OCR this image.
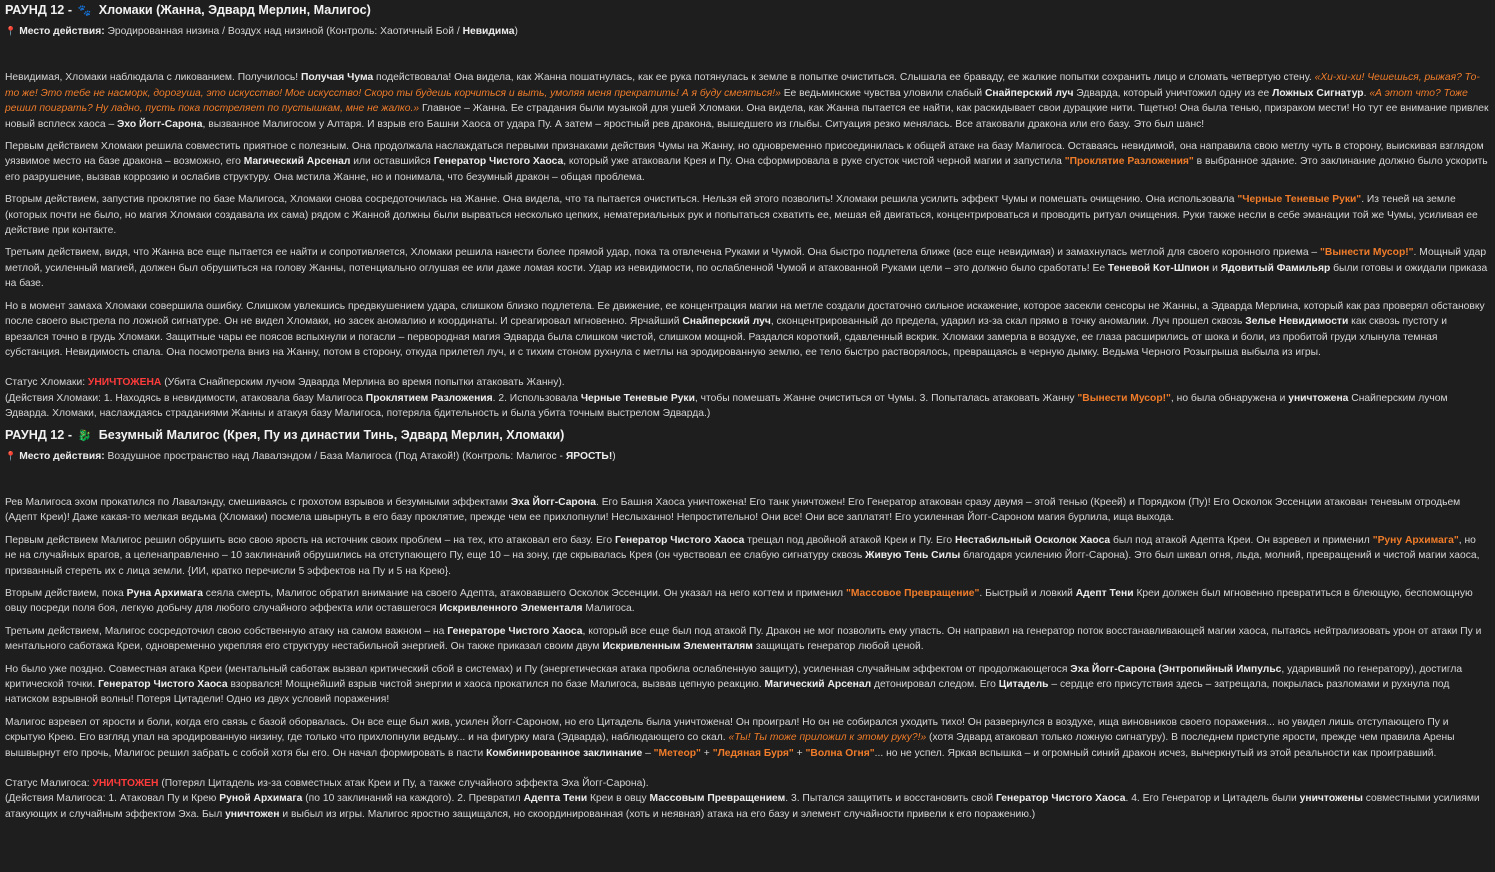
РАУНД 12 - 🐾 Хломаки (Жанна, Эдвард Мерлин, Малигос)
📍 Место действия: Эродированная низина / Воздух над низиной (Контроль: Хаотичный Бой / Невидима)

Невидимая, Хломаки наблюдала с ликованием. Получилось! Получая Чума подействовала! Она видела, как Жанна пошатнулась, как ее рука потянулась к земле в попытке очиститься. Слышала ее браваду, ее жалкие попытки сохранить лицо и сломать четвертую стену. «Хи-хи-хи! Чешешься, рыжая? То-то же! Это тебе не насморк, дорогуша, это искусство! Мое искусство! Скоро ты будешь корчиться и выть, умоляя меня прекратить! А я буду смеяться!» Ее ведьминские чувства уловили слабый Снайперский луч Эдварда, который уничтожил одну из ее Ложных Сигнатур. «А этот что? Тоже решил поиграть? Ну ладно, пусть пока постреляет по пустышкам, мне не жалко.» Главное – Жанна. Ее страдания были музыкой для ушей Хломаки. Она видела, как Жанна пытается ее найти, как раскидывает свои дурацкие нити. Тщетно! Она была тенью, призраком мести! Но тут ее внимание привлек новый всплеск хаоса – Эхо Йогг-Сарона, вызванное Малигосом у Алтаря. И взрыв его Башни Хаоса от удара Пу. А затем – яростный рев дракона, вышедшего из глыбы. Ситуация резко менялась. Все атаковали дракона или его базу. Это был шанс!

Первым действием Хломаки решила совместить приятное с полезным. Она продолжала наслаждаться первыми признаками действия Чумы на Жанну, но одновременно присоединилась к общей атаке на базу Малигоса. Оставаясь невидимой, она направила свою метлу чуть в сторону, выискивая взглядом уязвимое место на базе дракона – возможно, его Магический Арсенал или оставшийся Генератор Чистого Хаоса, который уже атаковали Крея и Пу. Она сформировала в руке сгусток чистой черной магии и запустила "Проклятие Разложения" в выбранное здание. Это заклинание должно было ускорить его разрушение, вызвав коррозию и ослабив структуру. Она мстила Жанне, но и понимала, что безумный дракон – общая проблема.

Вторым действием, запустив проклятие по базе Малигоса, Хломаки снова сосредоточилась на Жанне. Она видела, что та пытается очиститься. Нельзя ей этого позволить! Хломаки решила усилить эффект Чумы и помешать очищению. Она использовала "Черные Теневые Руки". Из теней на земле (которых почти не было, но магия Хломаки создавала их сама) рядом с Жанной должны были вырваться несколько цепких, нематериальных рук и попытаться схватить ее, мешая ей двигаться, концентрироваться и проводить ритуал очищения. Руки также несли в себе эманации той же Чумы, усиливая ее действие при контакте.

Третьим действием, видя, что Жанна все еще пытается ее найти и сопротивляется, Хломаки решила нанести более прямой удар, пока та отвлечена Руками и Чумой. Она быстро подлетела ближе (все еще невидимая) и замахнулась метлой для своего коронного приема – "Вынести Мусор!". Мощный удар метлой, усиленный магией, должен был обрушиться на голову Жанны, потенциально оглушая ее или даже ломая кости. Удар из невидимости, по ослабленной Чумой и атакованной Руками цели – это должно было сработать! Ее Теневой Кот-Шпион и Ядовитый Фамильяр были готовы и ожидали приказа на базе.

Но в момент замаха Хломаки совершила ошибку. Слишком увлекшись предвкушением удара, слишком близко подлетела. Ее движение, ее концентрация магии на метле создали достаточно сильное искажение, которое засекли сенсоры не Жанны, а Эдварда Мерлина, который как раз проверял обстановку после своего выстрела по ложной сигнатуре. Он не видел Хломаки, но засек аномалию и координаты. И среагировал мгновенно. Ярчайший Снайперский луч, сконцентрированный до предела, ударил из-за скал прямо в точку аномалии. Луч прошел сквозь Зелье Невидимости как сквозь пустоту и врезался точно в грудь Хломаки. Защитные чары ее поясов вспыхнули и погасли – первородная магия Эдварда была слишком чистой, слишком мощной. Раздался короткий, сдавленный вскрик. Хломаки замерла в воздухе, ее глаза расширились от шока и боли, из пробитой груди хлынула темная субстанция. Невидимость спала. Она посмотрела вниз на Жанну, потом в сторону, откуда прилетел луч, и с тихим стоном рухнула с метлы на эродированную землю, ее тело быстро растворялось, превращаясь в черную дымку. Ведьма Черного Розыгрыша выбыла из игры.

Статус Хломаки: УНИЧТОЖЕНА (Убита Снайперским лучом Эдварда Мерлина во время попытки атаковать Жанну).
(Действия Хломаки: 1. Находясь в невидимости, атаковала базу Малигоса Проклятием Разложения. 2. Использовала Черные Теневые Руки, чтобы помешать Жанне очиститься от Чумы. 3. Попыталась атаковать Жанну "Вынести Мусор!", но была обнаружена и уничтожена Снайперским лучом Эдварда. Хломаки, наслаждаясь страданиями Жанны и атакуя базу Малигоса, потеряла бдительность и была убита точным выстрелом Эдварда.)
РАУНД 12 - 🐉 Безумный Малигос (Крея, Пу из династии Тинь, Эдвард Мерлин, Хломаки)
📍 Место действия: Воздушное пространство над Лавалэндом / База Малигоса (Под Атакой!) (Контроль: Малигос - ЯРОСТЬ!)

Рев Малигоса эхом прокатился по Лавалэнду, смешиваясь с грохотом взрывов и безумными эффектами Эха Йогг-Сарона. Его Башня Хаоса уничтожена! Его танк уничтожен! Его Генератор атакован сразу двумя – этой тенью (Креей) и Порядком (Пу)! Его Осколок Эссенции атакован теневым отродьем (Адепт Креи)! Даже какая-то мелкая ведьма (Хломаки) посмела швырнуть в его базу проклятие, прежде чем ее прихлопнули! Неслыханно! Непростительно! Они все! Они все заплатят! Его усиленная Йогг-Сароном магия бурлила, ища выхода.

Первым действием Малигос решил обрушить всю свою ярость на источник своих проблем – на тех, кто атаковал его базу. Его Генератор Чистого Хаоса трещал под двойной атакой Креи и Пу. Его Нестабильный Осколок Хаоса был под атакой Адепта Креи. Он взревел и применил "Руну Архимага", но не на случайных врагов, а целенаправленно – 10 заклинаний обрушились на отступающего Пу, еще 10 – на зону, где скрывалась Крея (он чувствовал ее слабую сигнатуру сквозь Живую Тень Силы благодаря усилению Йогг-Сарона). Это был шквал огня, льда, молний, превращений и чистой магии хаоса, призванный стереть их с лица земли. {ИИ, кратко перечисли 5 эффектов на Пу и 5 на Крею}.

Вторым действием, пока Руна Архимага сеяла смерть, Малигос обратил внимание на своего Адепта, атаковавшего Осколок Эссенции. Он указал на него когтем и применил "Массовое Превращение". Быстрый и ловкий Адепт Тени Креи должен был мгновенно превратиться в блеющую, беспомощную овцу посреди поля боя, легкую добычу для любого случайного эффекта или оставшегося Искривленного Элементаля Малигоса.

Третьим действием, Малигос сосредоточил свою собственную атаку на самом важном – на Генераторе Чистого Хаоса, который все еще был под атакой Пу. Дракон не мог позволить ему упасть. Он направил на генератор поток восстанавливающей магии хаоса, пытаясь нейтрализовать урон от атаки Пу и ментального саботажа Креи, одновременно укрепляя его структуру нестабильной энергией. Он также приказал своим двум Искривленным Элементалям защищать генератор любой ценой.

Но было уже поздно. Совместная атака Креи (ментальный саботаж вызвал критический сбой в системах) и Пу (энергетическая атака пробила ослабленную защиту), усиленная случайным эффектом от продолжающегося Эха Йогг-Сарона (Энтропийный Импульс, ударивший по генератору), достигла критической точки. Генератор Чистого Хаоса взорвался! Мощнейший взрыв чистой энергии и хаоса прокатился по базе Малигоса, вызвав цепную реакцию. Магический Арсенал детонировал следом. Его Цитадель – сердце его присутствия здесь – затрещала, покрылась разломами и рухнула под натиском взрывной волны! Потеря Цитадели! Одно из двух условий поражения!

Малигос взревел от ярости и боли, когда его связь с базой оборвалась. Он все еще был жив, усилен Йогг-Сароном, но его Цитадель была уничтожена! Он проиграл! Но он не собирался уходить тихо! Он развернулся в воздухе, ища виновников своего поражения... но увидел лишь отступающего Пу и скрытую Крею. Его взгляд упал на эродированную низину, где только что прихлопнули ведьму... и на фигурку мага (Эдварда), наблюдающего со скал. «Ты! Ты тоже приложил к этому руку?!» (хотя Эдвард атаковал только ложную сигнатуру). В последнем приступе ярости, прежде чем правила Арены вышвырнут его прочь, Малигос решил забрать с собой хотя бы его. Он начал формировать в пасти Комбинированное заклинание – "Метеор" + "Ледяная Буря" + "Волна Огня"... но не успел. Яркая вспышка – и огромный синий дракон исчез, вычеркнутый из этой реальности как проигравший.

Статус Малигоса: УНИЧТОЖЕН (Потерял Цитадель из-за совместных атак Креи и Пу, а также случайного эффекта Эха Йогг-Сарона).
(Действия Малигоса: 1. Атаковал Пу и Крею Руной Архимага (по 10 заклинаний на каждого). 2. Превратил Адепта Тени Креи в овцу Массовым Превращением. 3. Пытался защитить и восстановить свой Генератор Чистого Хаоса. 4. Его Генератор и Цитадель были уничтожены совместными усилиями атакующих и случайным эффектом Эха. Был уничтожен и выбыл из игры. Малигос яростно защищался, но скоординированная (хоть и неявная) атака на его базу и элемент случайности привели к его поражению.)
